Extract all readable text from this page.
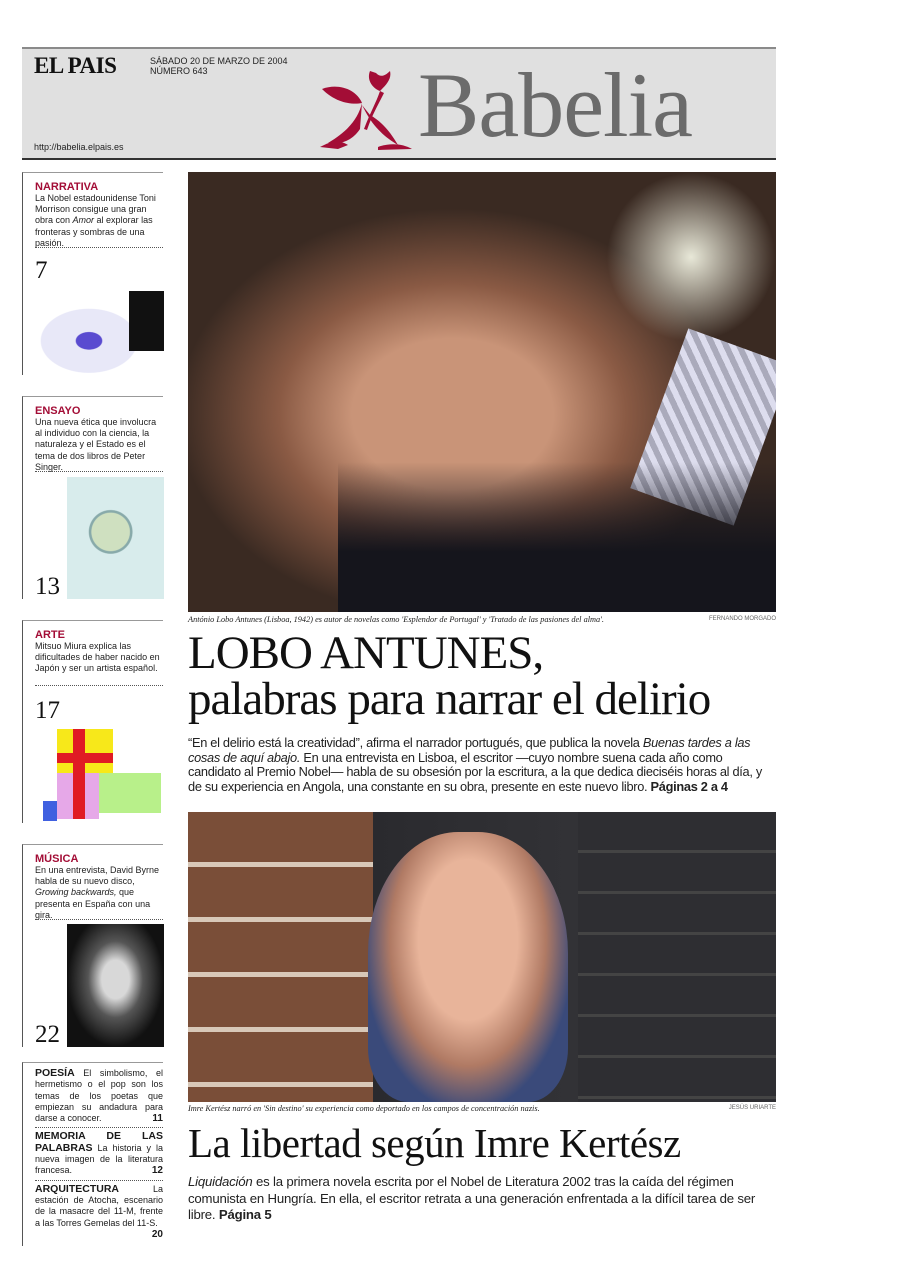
EL PAIS	SÁBADO 20 DE MARZO DE 2004
NÚMERO 643
http://babelia.elpais.es	Babelia
NARRATIVA

La Nobel estadounidense Toni Morrison consigue una gran obra con Amor al explorar las fronteras y sombras de una pasión.

7
ENSAYO

Una nueva ética que involucra al individuo con la ciencia, la naturaleza y el Estado es el tema de dos libros de Peter Singer.

13
ARTE

Mitsuo Miura explica las dificultades de haber nacido en Japón y ser un artista español.

17
MÚSICA

En una entrevista, David Byrne habla de su nuevo disco, Growing backwards, que presenta en España con una gira.

22
POESÍA El simbolismo, el hermetismo o el pop son los temas de los poetas que empiezan su andadura para darse a conocer.	11
MEMORIA DE LAS PALABRAS La historia y la nueva imagen de la literatura francesa.	12
ARQUITECTURA La estación de Atocha, escenario de la masacre del 11-M, frente a las Torres Gemelas del 11-S.
20
António Lobo Antunes (Lisboa, 1942) es autor de novelas como 'Esplendor de Portugal' y 'Tratado de las pasiones del alma'.	FERNANDO MORGADO
LOBO ANTUNES,
palabras para narrar el delirio
“En el delirio está la creatividad”, afirma el narrador portugués, que publica la novela Buenas tardes a las cosas de aquí abajo. En una entrevista en Lisboa, el escritor —cuyo nombre suena cada año como candidato al Premio Nobel— habla de su obsesión por la escritura, a la que dedica dieciséis horas al día, y de su experiencia en Angola, una constante en su obra, presente en este nuevo libro. Páginas 2 a 4
Imre Kertész narró en 'Sin destino' su experiencia como deportado en los campos de concentración nazis.	JESÚS URIARTE
La libertad según Imre Kertész
Liquidación es la primera novela escrita por el Nobel de Literatura 2002 tras la caída del régimen comunista en Hungría. En ella, el escritor retrata a una generación enfrentada a la difícil tarea de ser libre. Página 5
